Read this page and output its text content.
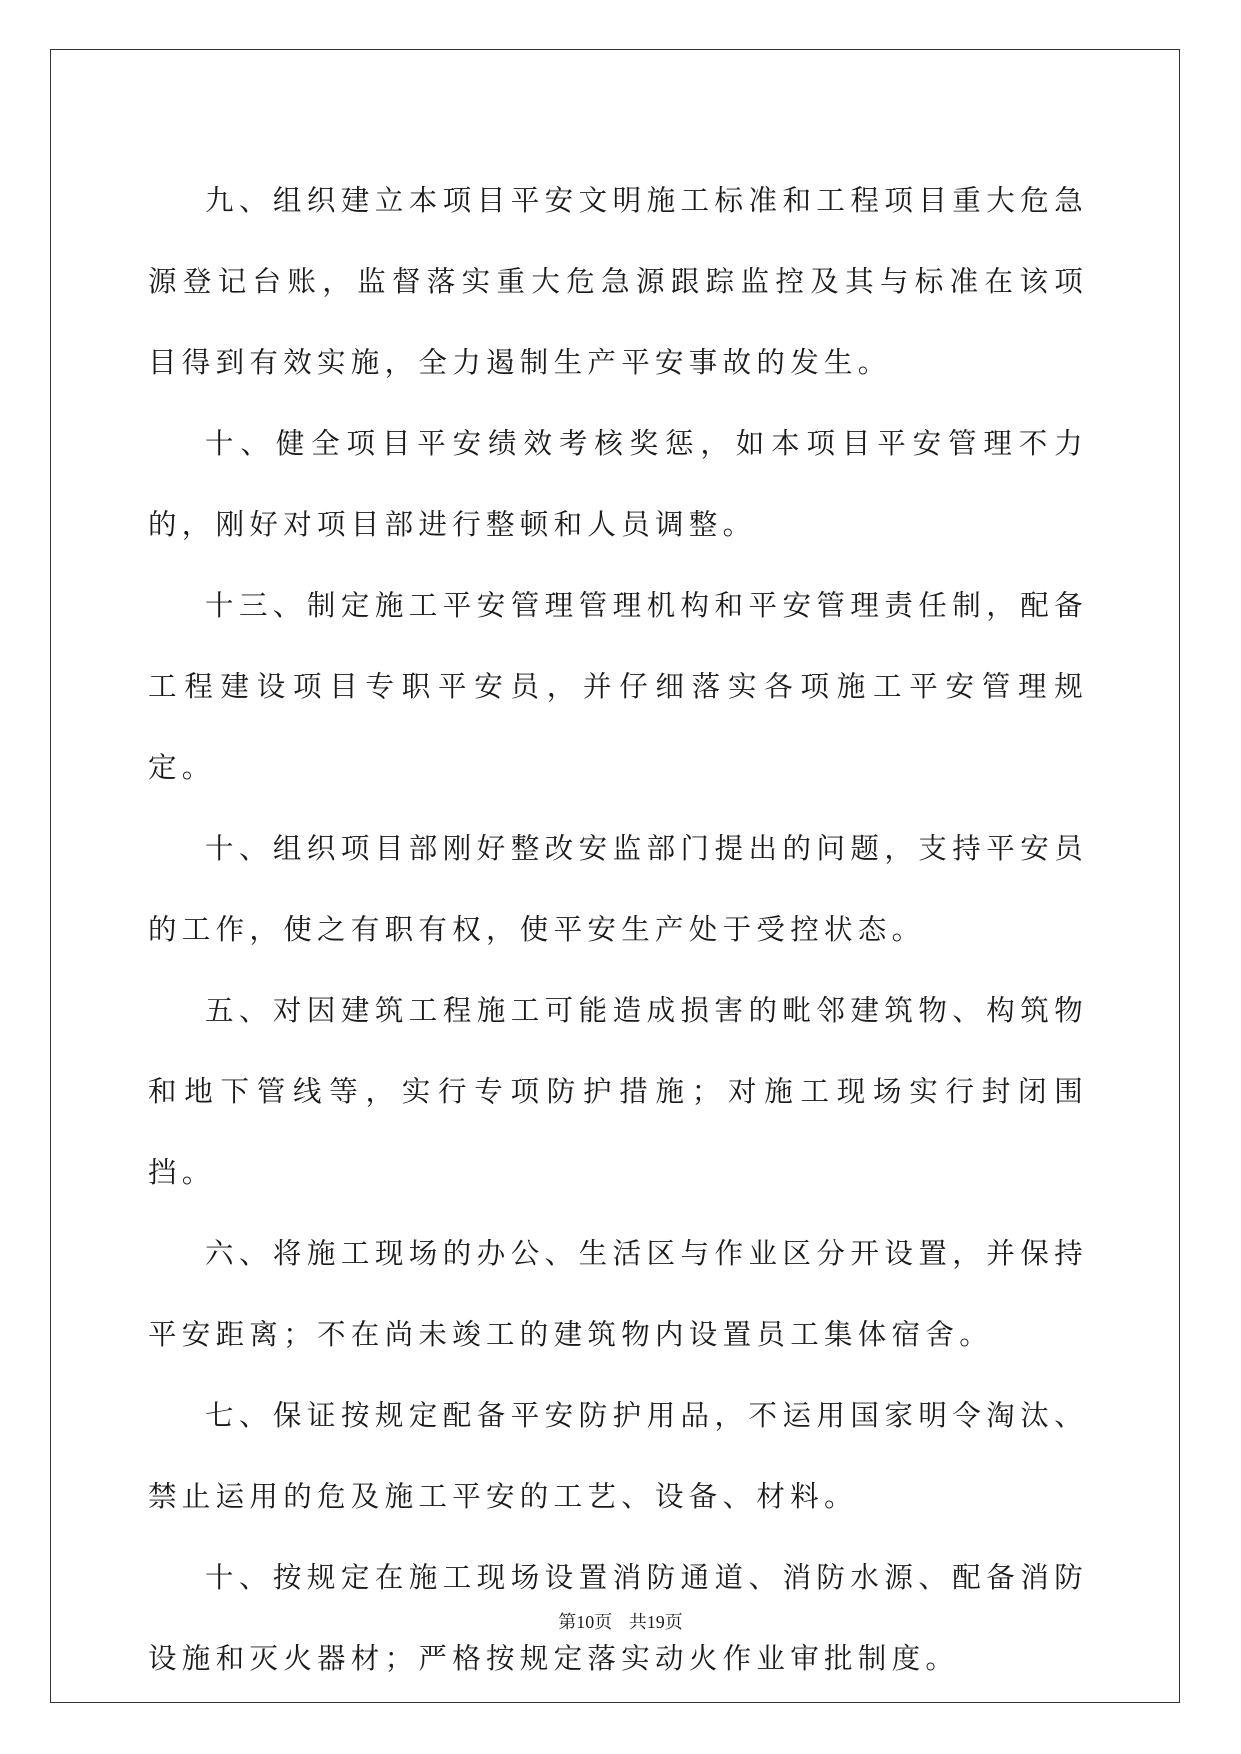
九、组织建立本项目平安文明施工标准和工程项目重大危急源登记台账，监督落实重大危急源跟踪监控及其与标准在该项目得到有效实施，全力遏制生产平安事故的发生。

十、健全项目平安绩效考核奖惩，如本项目平安管理不力的，刚好对项目部进行整顿和人员调整。

十三、制定施工平安管理管理机构和平安管理责任制，配备工程建设项目专职平安员，并仔细落实各项施工平安管理规定。

十、组织项目部刚好整改安监部门提出的问题，支持平安员的工作，使之有职有权，使平安生产处于受控状态。

五、对因建筑工程施工可能造成损害的毗邻建筑物、构筑物和地下管线等，实行专项防护措施；对施工现场实行封闭围挡。

六、将施工现场的办公、生活区与作业区分开设置，并保持平安距离；不在尚未竣工的建筑物内设置员工集体宿舍。

七、保证按规定配备平安防护用品，不运用国家明令淘汰、禁止运用的危及施工平安的工艺、设备、材料。

十、按规定在施工现场设置消防通道、消防水源、配备消防设施和灭火器材；严格按规定落实动火作业审批制度。

第10页 共19页
